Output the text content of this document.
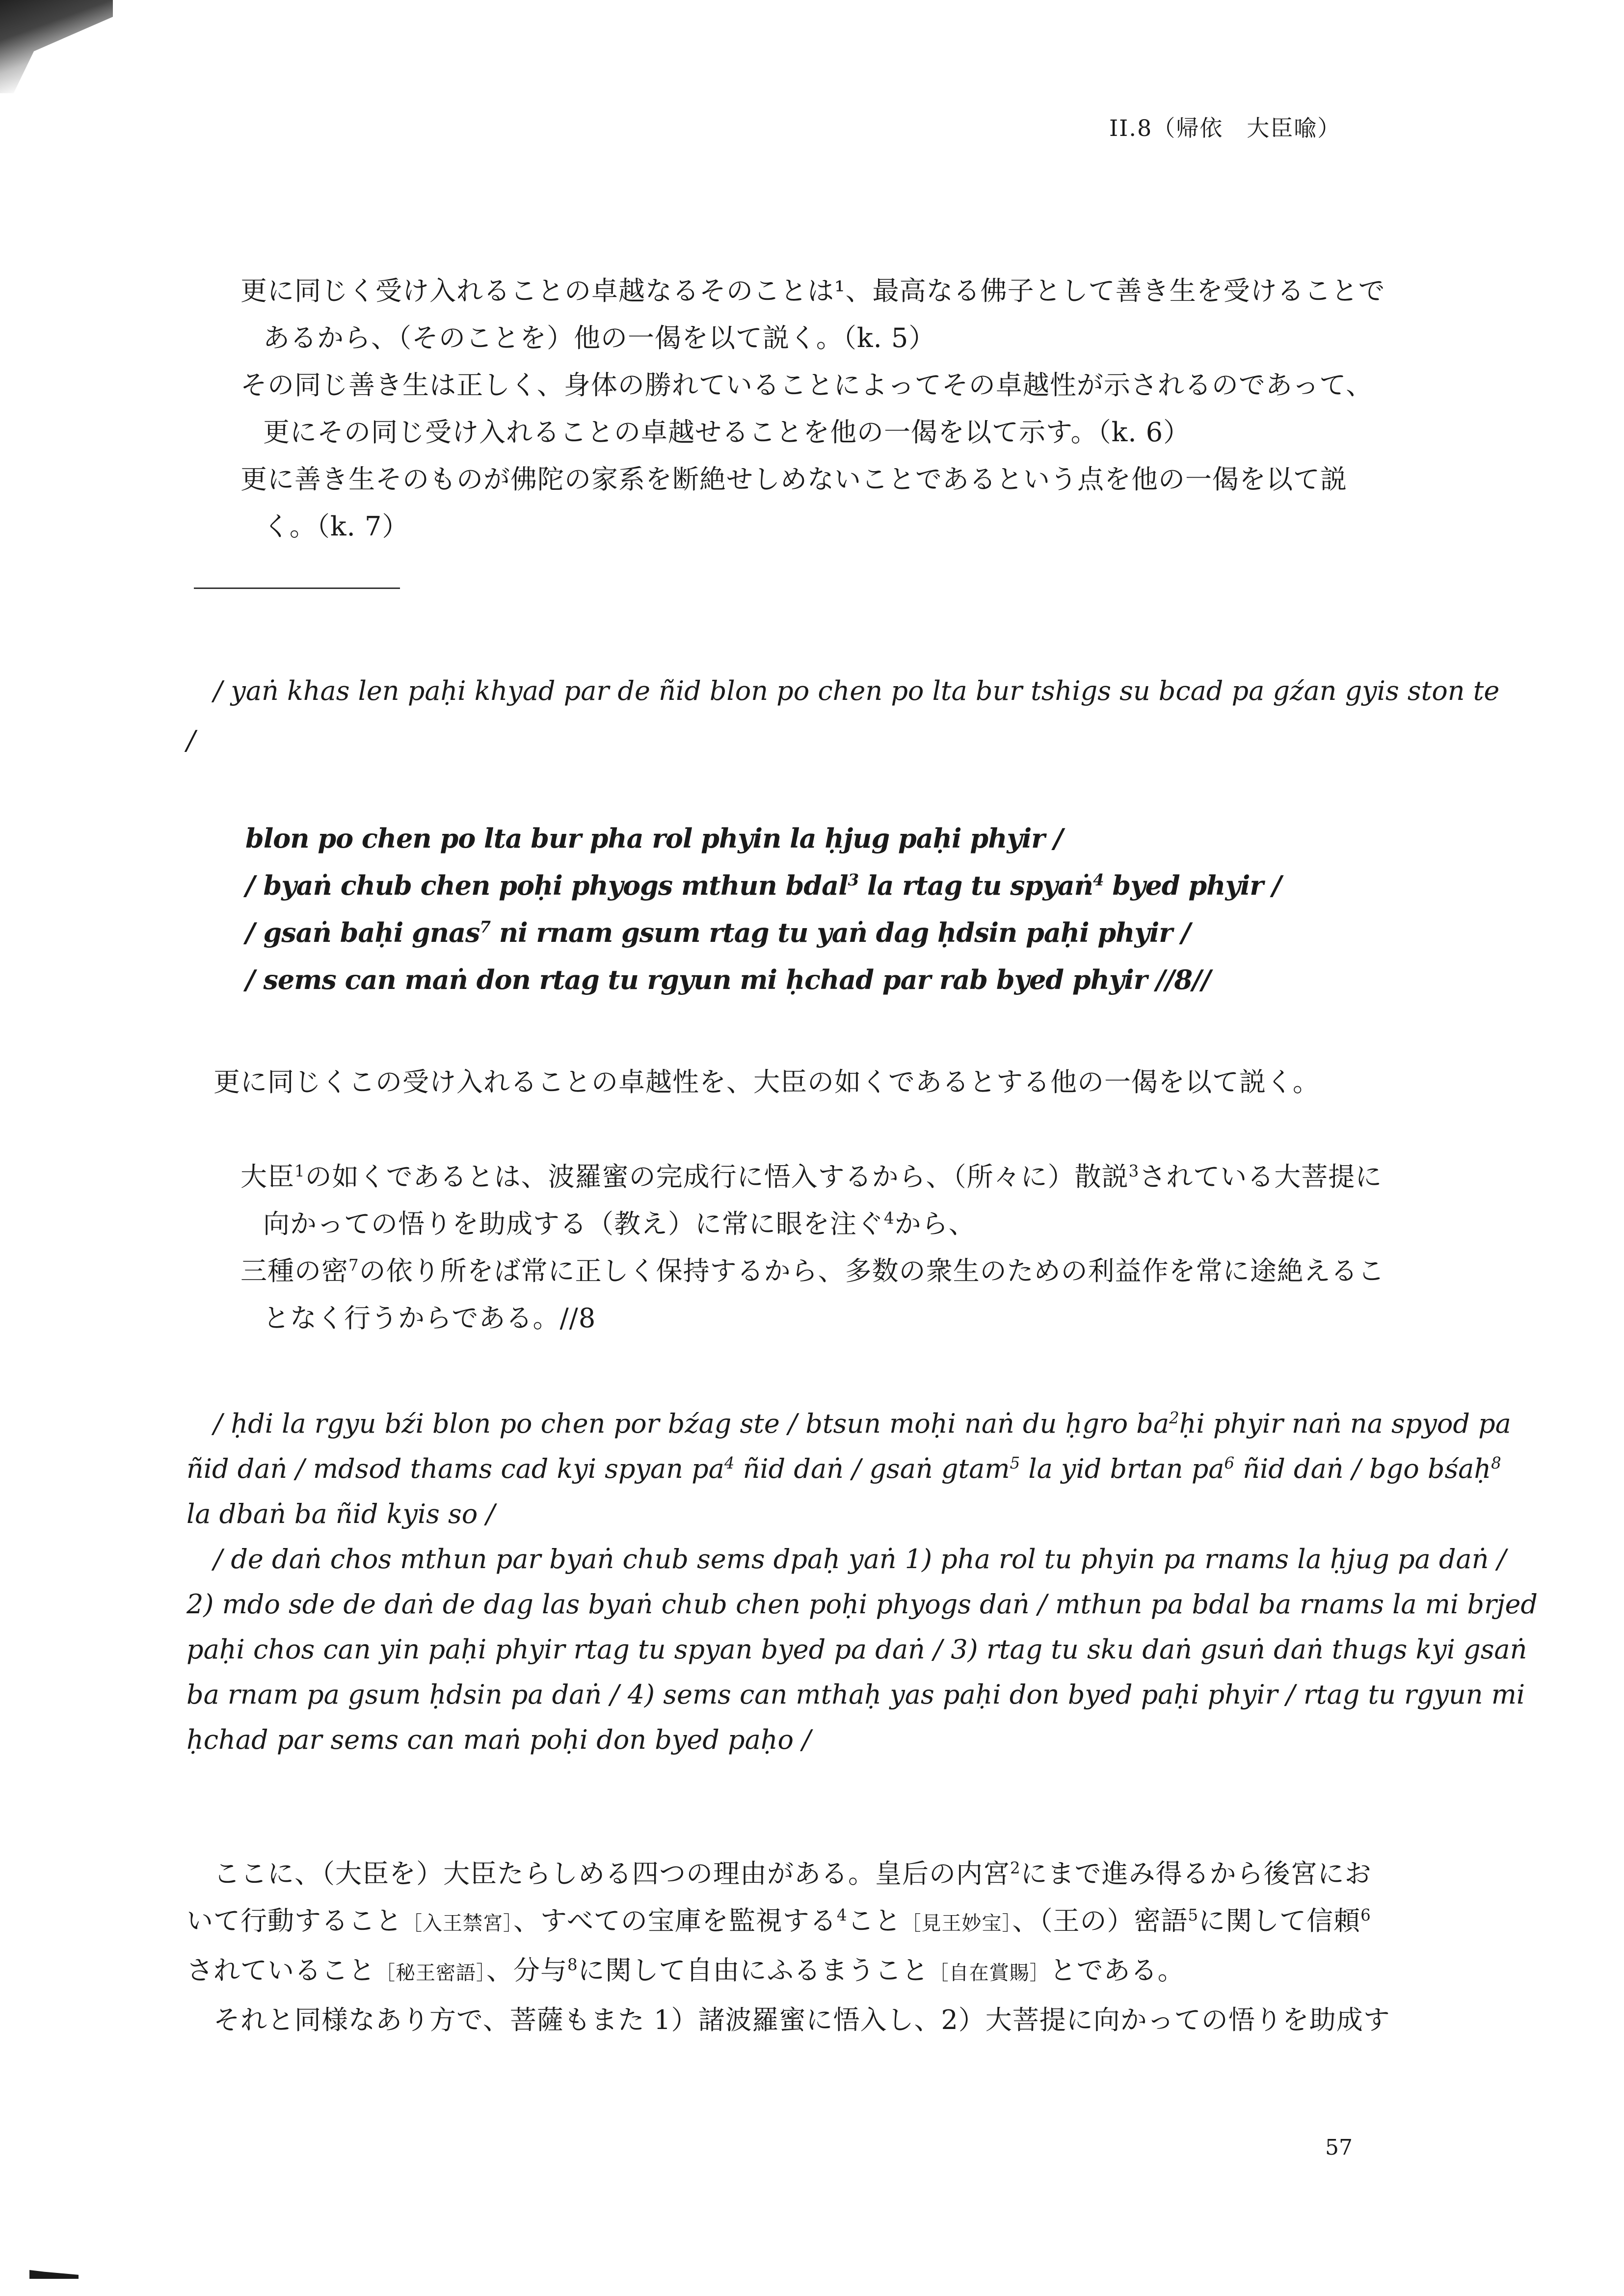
II.8（帰依　大臣喩）
更に同じく受け入れることの卓越なるそのことは¹、最高なる佛子として善き生を受けることで
あるから、（そのことを）他の一偈を以て説く。（k. 5）
その同じ善き生は正しく、身体の勝れていることによってその卓越性が示されるのであって、
更にその同じ受け入れることの卓越せることを他の一偈を以て示す。（k. 6）
更に善き生そのものが佛陀の家系を断絶せしめないことであるという点を他の一偈を以て説
く。（k. 7）
/ yaṅ khas len paḥi khyad par de ñid blon po chen po lta bur tshigs su bcad pa gźan gyis ston te
/
blon po chen po lta bur pha rol phyin la ḥjug paḥi phyir /
/ byaṅ chub chen poḥi phyogs mthun bdal$^3$ la rtag tu spyaṅ$^4$ byed phyir /
/ gsaṅ baḥi gnas$^7$ ni rnam gsum rtag tu yaṅ dag ḥdsin paḥi phyir /
/ sems can maṅ don rtag tu rgyun mi ḥchad par rab byed phyir //8//
更に同じくこの受け入れることの卓越性を、大臣の如くであるとする他の一偈を以て説く。
大臣$^1$の如くであるとは、波羅蜜の完成行に悟入するから、（所々に）散説$^3$されている大菩提に
向かっての悟りを助成する（教え）に常に眼を注ぐ$^4$から、
三種の密$^7$の依り所をば常に正しく保持するから、多数の衆生のための利益作を常に途絶えるこ
となく行うからである。//8
/ ḥdi la rgyu bźi blon po chen por bźag ste / btsun moḥi naṅ du ḥgro $ba^2ḥi$ phyir naṅ na spyod pa
ñid daṅ / mdsod thams cad kyi spyan $pa^4$ ñid daṅ / gsaṅ gtam$^5$ la yid brtan $pa^6$ ñid daṅ / bgo bśaḥ$^8$
la dbaṅ ba ñid kyis so /
/ de daṅ chos mthun par byaṅ chub sems dpaḥ yaṅ 1) pha rol tu phyin pa rnams la ḥjug pa daṅ /
2) mdo sde de daṅ de dag las byaṅ chub chen poḥi phyogs daṅ / mthun pa bdal ba rnams la mi brjed
paḥi chos can yin paḥi phyir rtag tu spyan byed pa daṅ / 3) rtag tu sku daṅ gsuṅ daṅ thugs kyi gsaṅ
ba rnam pa gsum ḥdsin pa daṅ / 4) sems can mthaḥ yas paḥi don byed paḥi phyir / rtag tu rgyun mi
ḥchad par sems can maṅ poḥi don byed paḥo /
ここに、（大臣を）大臣たらしめる四つの理由がある。皇后の内宮$^2$にまで進み得るから後宮にお
いて行動すること［入王禁宮］、すべての宝庫を監視する$^4$こと［見王妙宝］、（王の）密語$^5$に関して信頼$^6$
されていること［秘王密語］、分与$^8$に関して自由にふるまうこと［自在賞賜］とである。
それと同様なあり方で、菩薩もまた 1）諸波羅蜜に悟入し、2）大菩提に向かっての悟りを助成す
57
